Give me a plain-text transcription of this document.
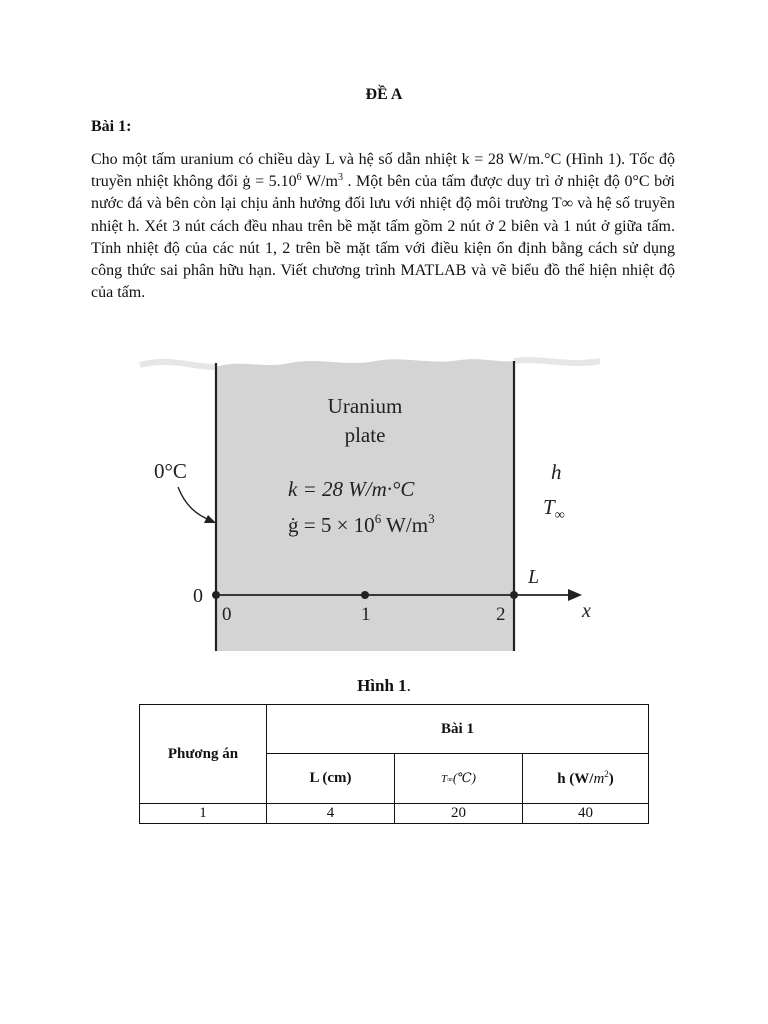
ĐỀ A
Bài 1:
Cho một tấm uranium có chiều dày L và hệ số dẫn nhiệt k = 28 W/m.°C (Hình 1). Tốc độ truyền nhiệt không đổi ġ = $5.10^6$ $W/m^3$ . Một bên của tấm được duy trì ở nhiệt độ 0°C bởi nước đá và bên còn lại chịu ảnh hưởng đối lưu với nhiệt độ môi trường T∞ và hệ số truyền nhiệt h. Xét 3 nút cách đều nhau trên bề mặt tấm gồm 2 nút ở 2 biên và 1 nút ở giữa tấm. Tính nhiệt độ của các nút 1, 2 trên bề mặt tấm với điều kiện ổn định bằng cách sử dụng công thức sai phân hữu hạn. Viết chương trình MATLAB và vẽ biểu đồ thể hiện nhiệt độ của tấm.
Uranium
plate
k = 28 W/m·°C
ġ = $5 \times 10^6$ $W/m^3$
0°C	h
$T_\infty$
0
0	1	2
L
x
Hình 1.
Phương án	Bài 1		
	L (cm)	T∞(℃)	h $(W/m^2)$
1	4	20	40
